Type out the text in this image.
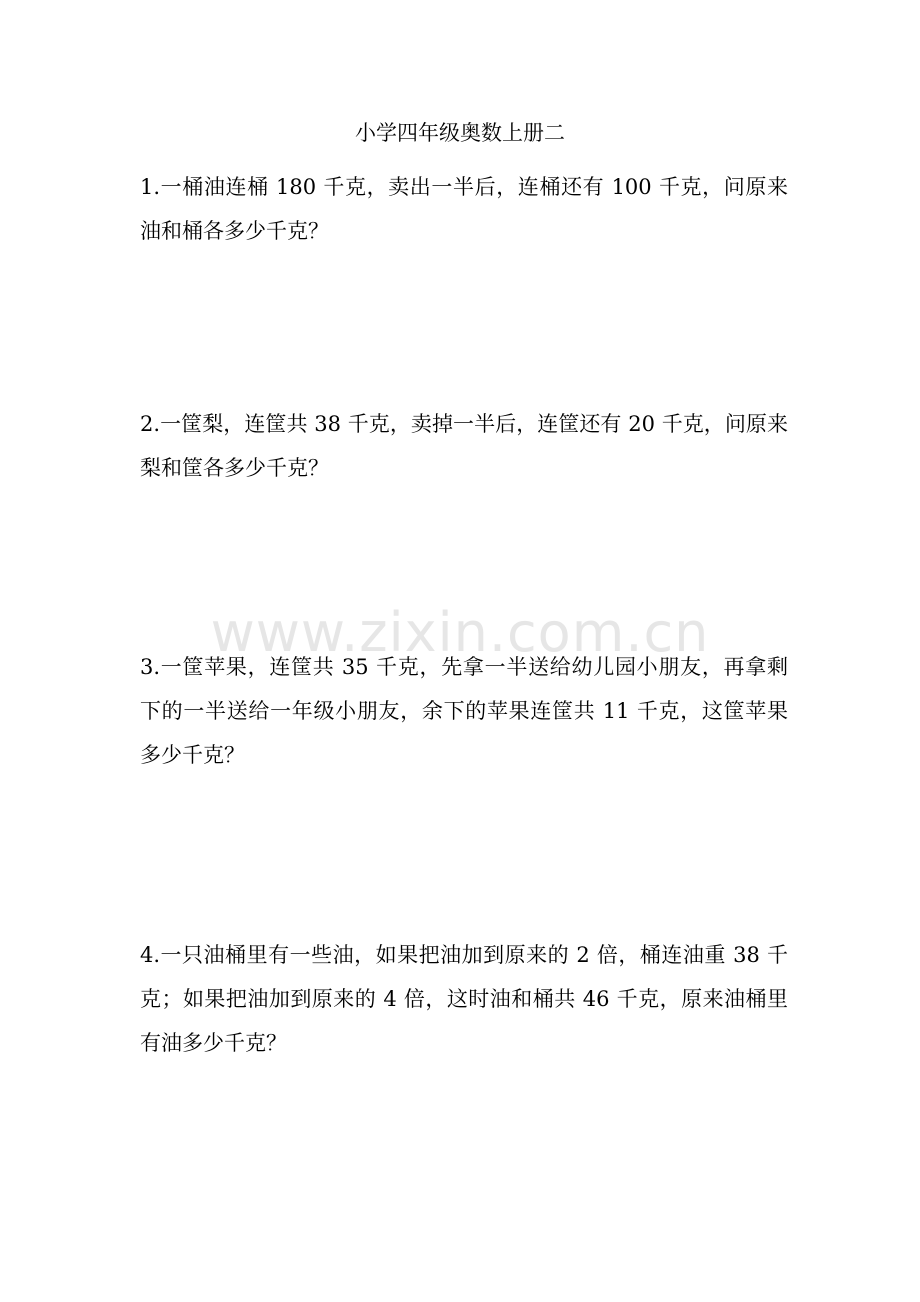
www.zixin.com.cn
小学四年级奥数上册二
1.一桶油连桶 180 千克，卖出一半后，连桶还有 100 千克，问原来油和桶各多少千克？
2.一筐梨，连筐共 38 千克，卖掉一半后，连筐还有 20 千克，问原来梨和筐各多少千克？
3.一筐苹果，连筐共 35 千克，先拿一半送给幼儿园小朋友，再拿剩下的一半送给一年级小朋友，余下的苹果连筐共 11 千克，这筐苹果多少千克？
4.一只油桶里有一些油，如果把油加到原来的 2 倍，桶连油重 38 千克；如果把油加到原来的 4 倍，这时油和桶共 46 千克，原来油桶里有油多少千克？
